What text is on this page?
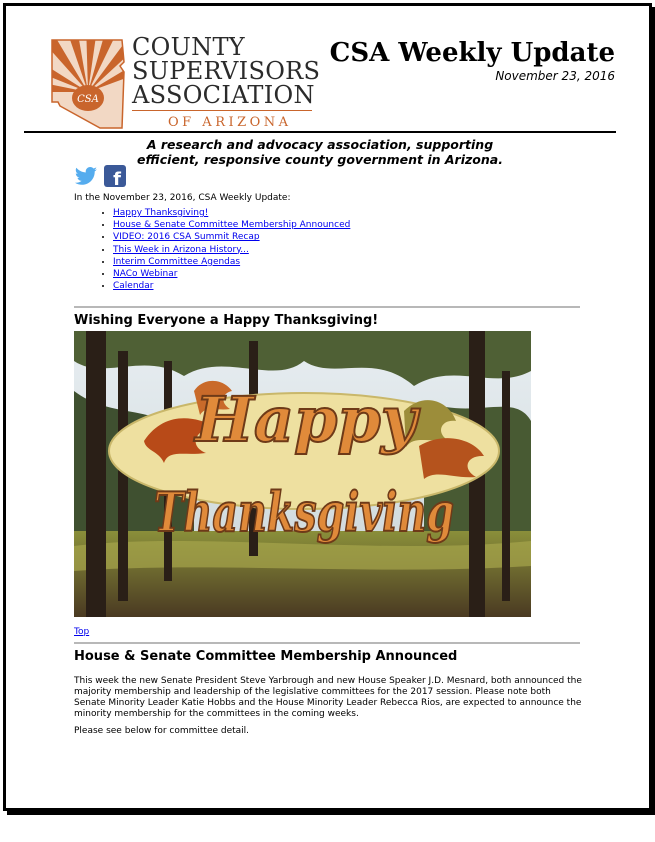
CSA
COUNTY
SUPERVISORS
ASSOCIATION
OF ARIZONA
CSA Weekly Update
November 23, 2016
A research and advocacy association, supporting
efficient, responsive county government in Arizona.

f
In the November 23, 2016, CSA Weekly Update:
• Happy Thanksgiving!
• House & Senate Committee Membership Announced
• VIDEO: 2016 CSA Summit Recap
• This Week in Arizona History...
• Interim Committee Agendas
• NACo Webinar
• Calendar
Wishing Everyone a Happy Thanksgiving!
Happy
Thanksgiving
Top
House & Senate Committee Membership Announced

This week the new Senate President Steve Yarbrough and new House Speaker J.D. Mesnard, both announced the majority membership and leadership of the legislative committees for the 2017 session. Please note both Senate Minority Leader Katie Hobbs and the House Minority Leader Rebecca Rios, are expected to announce the minority membership for the committees in the coming weeks.

Please see below for committee detail.
